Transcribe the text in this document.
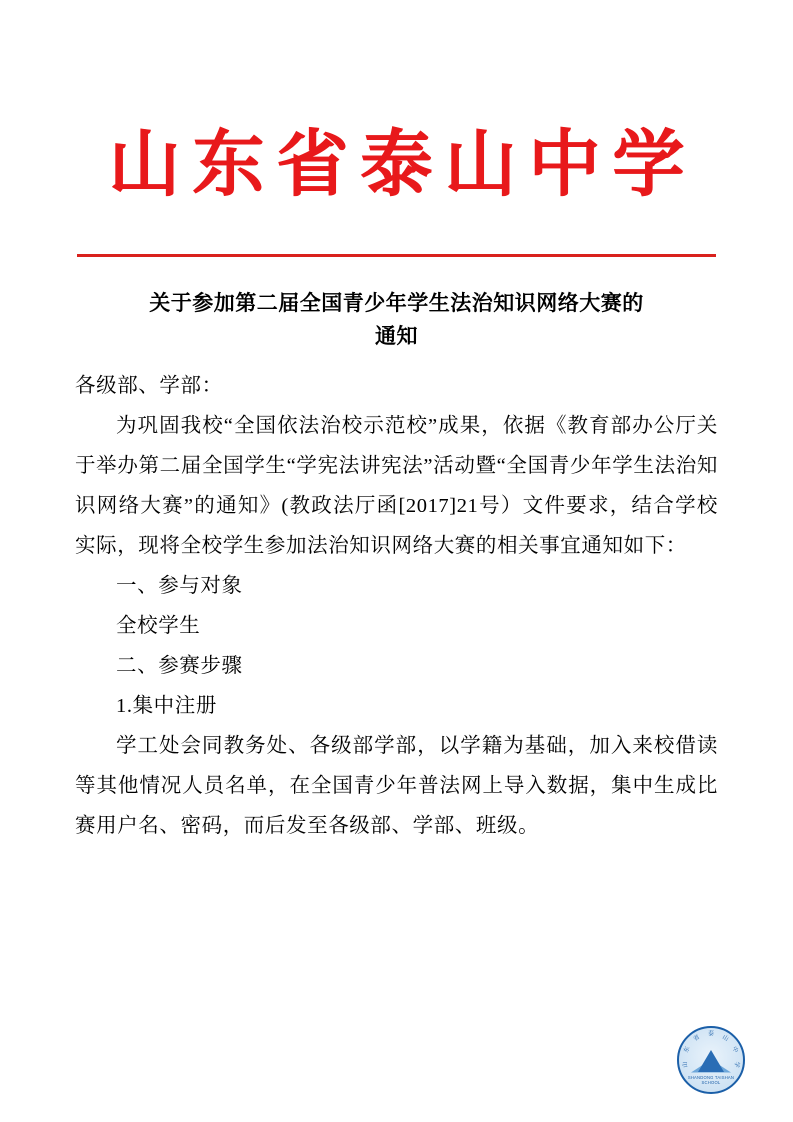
山东省泰山中学
关于参加第二届全国青少年学生法治知识网络大赛的
通知

各级部、学部：

为巩固我校“全国依法治校示范校”成果，依据《教育部办公厅关于举办第二届全国学生“学宪法讲宪法”活动暨“全国青少年学生法治知识网络大赛”的通知》(教政法厅函[2017]21号）文件要求，结合学校实际，现将全校学生参加法治知识网络大赛的相关事宜通知如下：

一、参与对象

全校学生

二、参赛步骤

1.集中注册

学工处会同教务处、各级部学部，以学籍为基础，加入来校借读等其他情况人员名单，在全国青少年普法网上导入数据，集中生成比赛用户名、密码，而后发至各级部、学部、班级。

山
东
省
泰
山
中
学
SHANDONG TAISHAN SCHOOL
